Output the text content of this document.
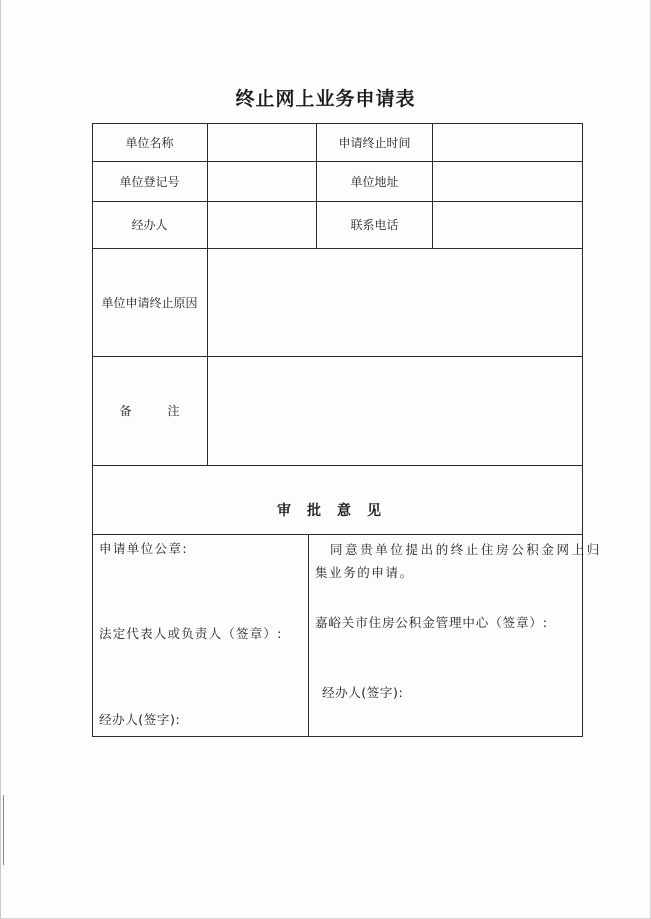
终止网上业务申请表
单位名称	申请终止时间
单位登记号	单位地址
经办人	联系电话
单位申请终止原因
备　　　注
审批意见
申请单位公章:
法定代表人或负责人（签章）:
经办人(签字):
同意贵单位提出的终止住房公积金网上归
集业务的申请。
嘉峪关市住房公积金管理中心（签章）:
经办人(签字):
